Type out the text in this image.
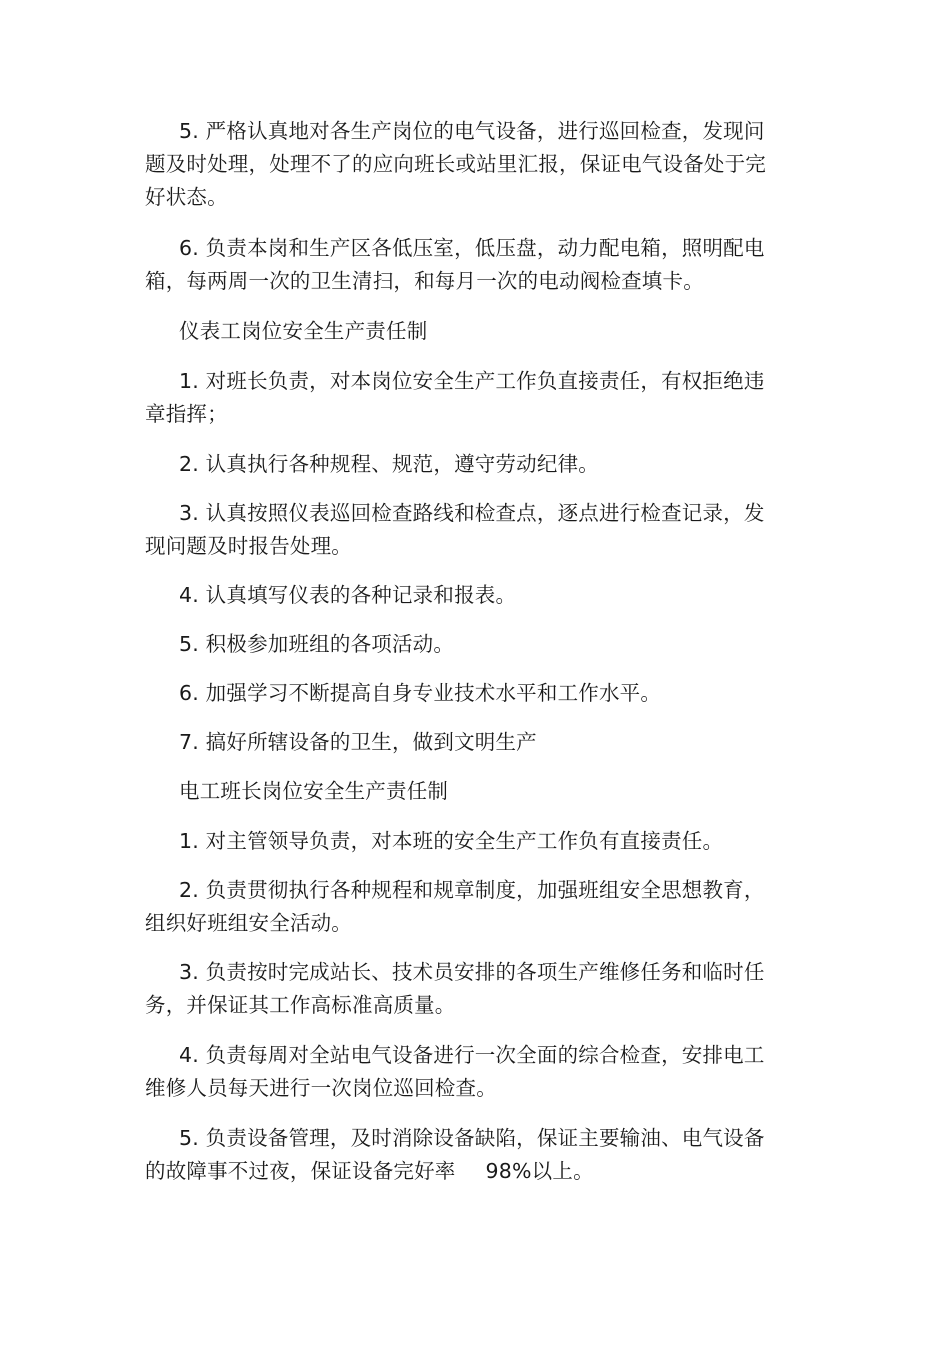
5. 严格认真地对各生产岗位的电气设备，进行巡回检查，发现问题及时处理，处理不了的应向班长或站里汇报，保证电气设备处于完好状态。

6. 负责本岗和生产区各低压室，低压盘，动力配电箱，照明配电箱，每两周一次的卫生清扫，和每月一次的电动阀检查填卡。

仪表工岗位安全生产责任制

1. 对班长负责，对本岗位安全生产工作负直接责任，有权拒绝违章指挥；

2. 认真执行各种规程、规范，遵守劳动纪律。

3. 认真按照仪表巡回检查路线和检查点，逐点进行检查记录，发现问题及时报告处理。

4. 认真填写仪表的各种记录和报表。

5. 积极参加班组的各项活动。

6. 加强学习不断提高自身专业技术水平和工作水平。

7. 搞好所辖设备的卫生，做到文明生产

电工班长岗位安全生产责任制

1. 对主管领导负责，对本班的安全生产工作负有直接责任。

2. 负责贯彻执行各种规程和规章制度，加强班组安全思想教育，组织好班组安全活动。

3. 负责按时完成站长、技术员安排的各项生产维修任务和临时任务，并保证其工作高标准高质量。

4. 负责每周对全站电气设备进行一次全面的综合检查，安排电工维修人员每天进行一次岗位巡回检查。

5. 负责设备管理，及时消除设备缺陷，保证主要输油、电气设备的故障事不过夜，保证设备完好率 98%以上。
